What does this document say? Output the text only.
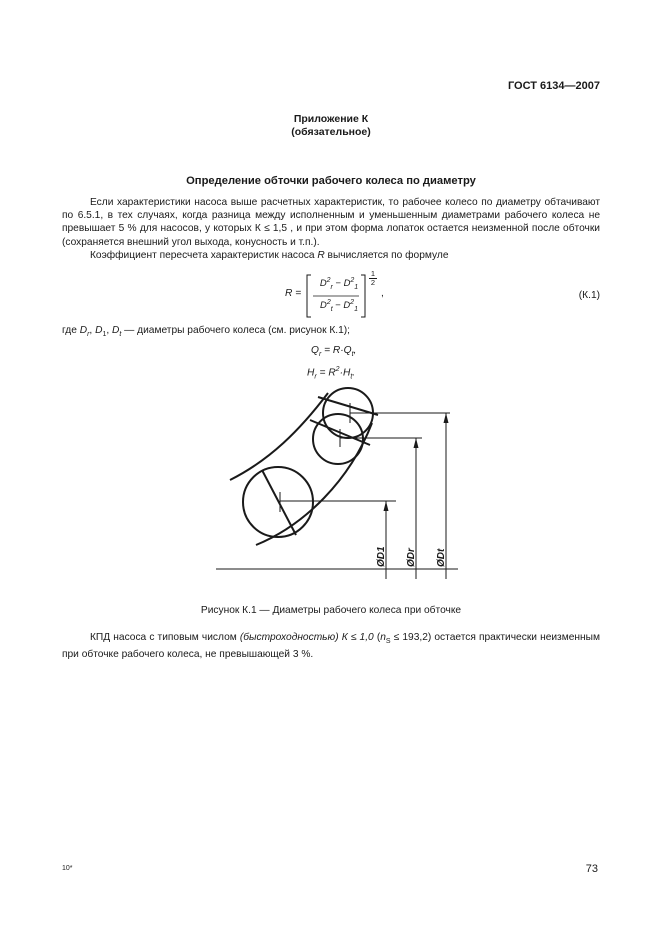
ГОСТ 6134—2007
Приложение К
(обязательное)
Определение обточки рабочего колеса по диаметру

Если характеристики насоса выше расчетных характеристик, то рабочее колесо по диаметру обтачивают по 6.5.1, в тех случаях, когда разница между исполненным и уменьшенным диаметрами рабочего колеса не превышает 5 % для насосов, у которых К ≤ 1,5 , и при этом форма лопаток остается неизменной после обточки (сохраняется внешний угол выхода, конусность и т.п.).

Коэффициент пересчета характеристик насоса R вычисляется по формуле

R =
$D^2_r - D^2_1$
$D^2_t - D^2_1$
1
2
,	(К.1)
где $D_r$, $D_1$, $D_t$ — диаметры рабочего колеса (см. рисунок К.1);
$Q_r = R\cdot Q_t$,
$H_r = R^2\cdot H_t$.
ØD1 ØDr ØDt
Рисунок К.1 — Диаметры рабочего колеса при обточке

КПД насоса с типовым числом (быстроходностью) К ≤ 1,0 $(n_S \le 193,2)$ остается практически неизменным при обточке рабочего колеса, не превышающей 3 %.

10*	73
